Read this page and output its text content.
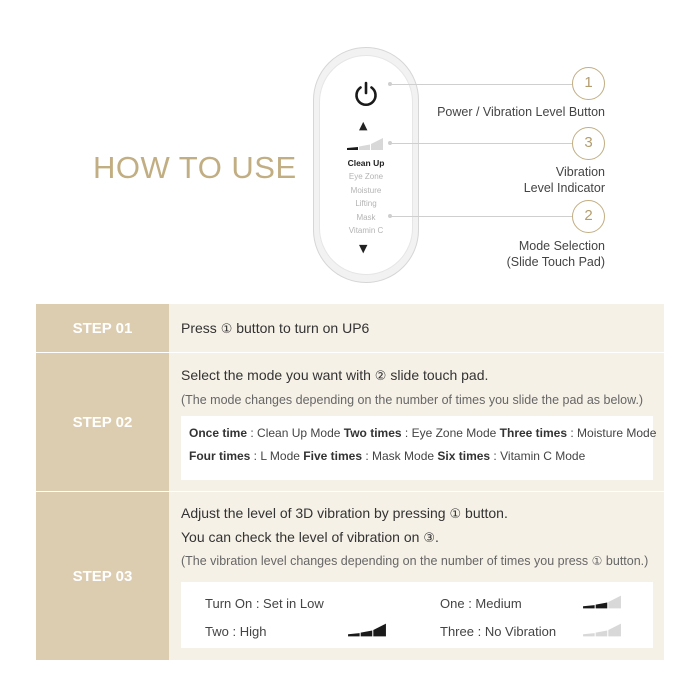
HOW TO USE
▲
Clean Up
Eye Zone
Moisture
Lifting
Mask
Vitamin C
▼
1
Power / Vibration Level Button
3
Vibration
Level Indicator
2
Mode Selection
(Slide Touch Pad)
STEP 01	Press ① button to turn on UP6
STEP 02
Select the mode you want with ② slide touch pad.
(The mode changes depending on the number of times you slide the pad as below.)
Once time : Clean Up Mode Two times : Eye Zone Mode Three times : Moisture Mode
Four times : L Mode Five times : Mask Mode Six times : Vitamin C Mode
STEP 03
Adjust the level of 3D vibration by pressing ① button.
You can check the level of vibration on ③.
(The vibration level changes depending on the number of times you press ① button.)
Turn On : Set in Low	One : Medium
Two : High	Three : No Vibration
